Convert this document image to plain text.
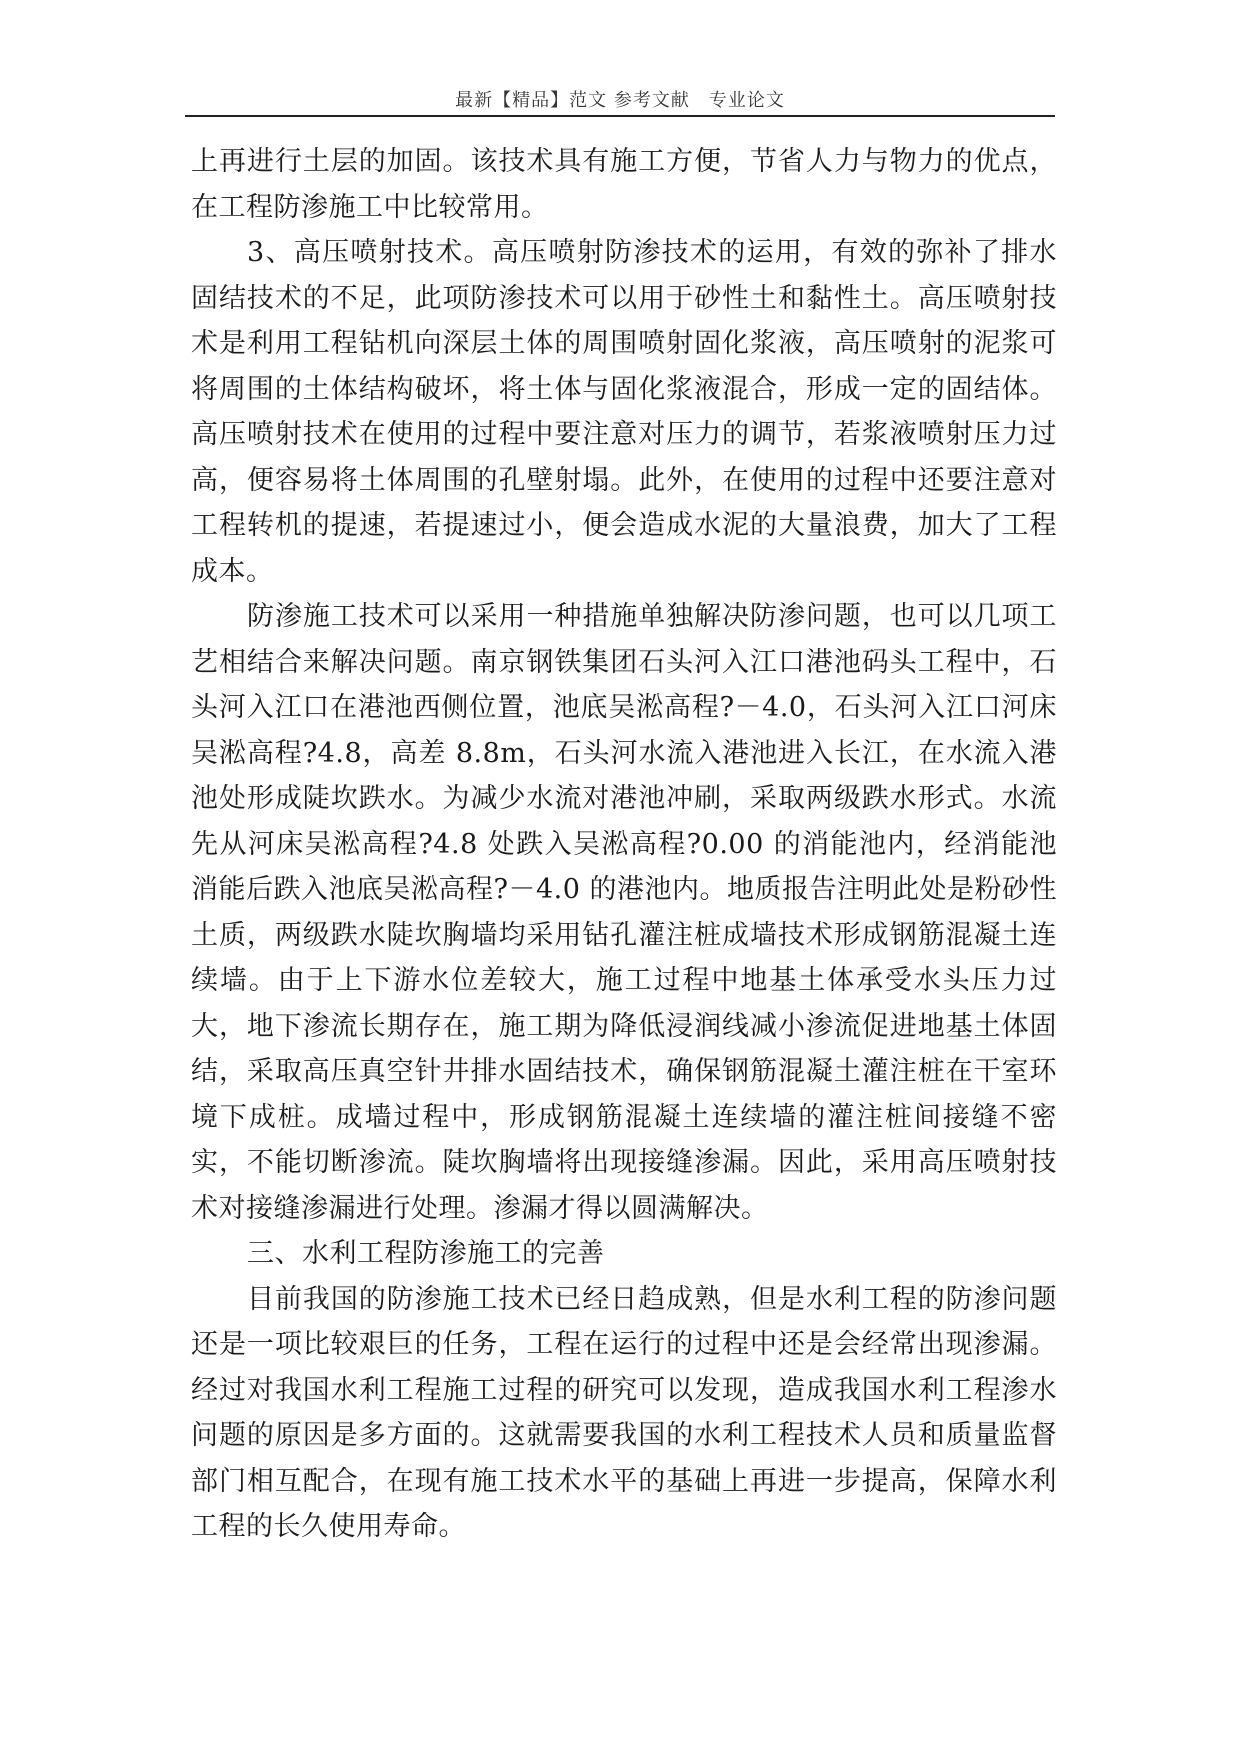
最新【精品】范文 参考文献　专业论文

上再进行土层的加固。该技术具有施工方便，节省人力与物力的优点，在工程防渗施工中比较常用。

3、高压喷射技术。高压喷射防渗技术的运用，有效的弥补了排水固结技术的不足，此项防渗技术可以用于砂性土和黏性土。高压喷射技术是利用工程钻机向深层土体的周围喷射固化浆液，高压喷射的泥浆可将周围的土体结构破坏，将土体与固化浆液混合，形成一定的固结体。高压喷射技术在使用的过程中要注意对压力的调节，若浆液喷射压力过高，便容易将土体周围的孔壁射塌。此外，在使用的过程中还要注意对工程转机的提速，若提速过小，便会造成水泥的大量浪费，加大了工程成本。

防渗施工技术可以采用一种措施单独解决防渗问题，也可以几项工艺相结合来解决问题。南京钢铁集团石头河入江口港池码头工程中，石头河入江口在港池西侧位置，池底吴淞高程?－4.0，石头河入江口河床吴淞高程?4.8，高差 8.8m，石头河水流入港池进入长江，在水流入港池处形成陡坎跌水。为减少水流对港池冲刷，采取两级跌水形式。水流先从河床吴淞高程?4.8 处跌入吴淞高程?0.00 的消能池内，经消能池消能后跌入池底吴淞高程?－4.0 的港池内。地质报告注明此处是粉砂性土质，两级跌水陡坎胸墙均采用钻孔灌注桩成墙技术形成钢筋混凝土连续墙。由于上下游水位差较大，施工过程中地基土体承受水头压力过大，地下渗流长期存在，施工期为降低浸润线减小渗流促进地基土体固结，采取高压真空针井排水固结技术，确保钢筋混凝土灌注桩在干室环境下成桩。成墙过程中，形成钢筋混凝土连续墙的灌注桩间接缝不密实，不能切断渗流。陡坎胸墙将出现接缝渗漏。因此，采用高压喷射技术对接缝渗漏进行处理。渗漏才得以圆满解决。

三、水利工程防渗施工的完善

目前我国的防渗施工技术已经日趋成熟，但是水利工程的防渗问题还是一项比较艰巨的任务，工程在运行的过程中还是会经常出现渗漏。经过对我国水利工程施工过程的研究可以发现，造成我国水利工程渗水问题的原因是多方面的。这就需要我国的水利工程技术人员和质量监督部门相互配合，在现有施工技术水平的基础上再进一步提高，保障水利工程的长久使用寿命。
